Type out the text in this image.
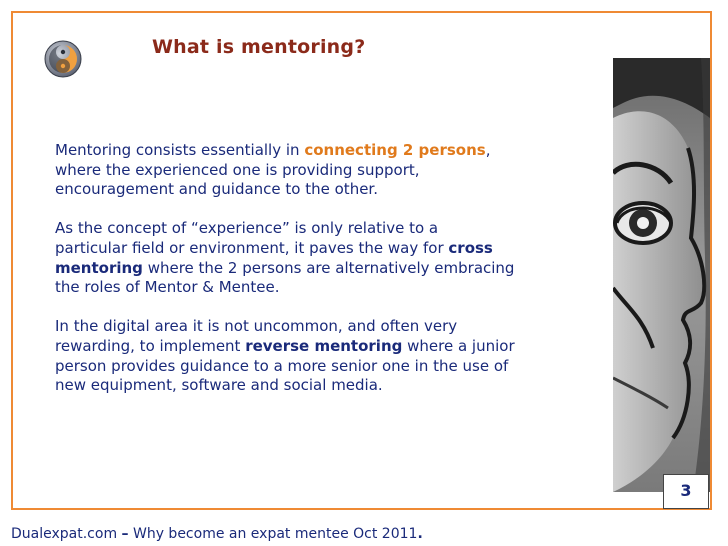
What is mentoring?

Mentoring consists essentially in connecting 2 persons, where the experienced one is providing support, encouragement and guidance to the other.

As the concept of “experience” is only relative to a particular field or environment, it paves the way for cross mentoring where the 2 persons are alternatively embracing the roles of Mentor & Mentee.

In the digital area it is not uncommon, and often very rewarding, to implement reverse mentoring where a junior person provides guidance to a more senior one in the use of new equipment, software and social media.

3
Dualexpat.com – Why become an expat mentee Oct 2011.
